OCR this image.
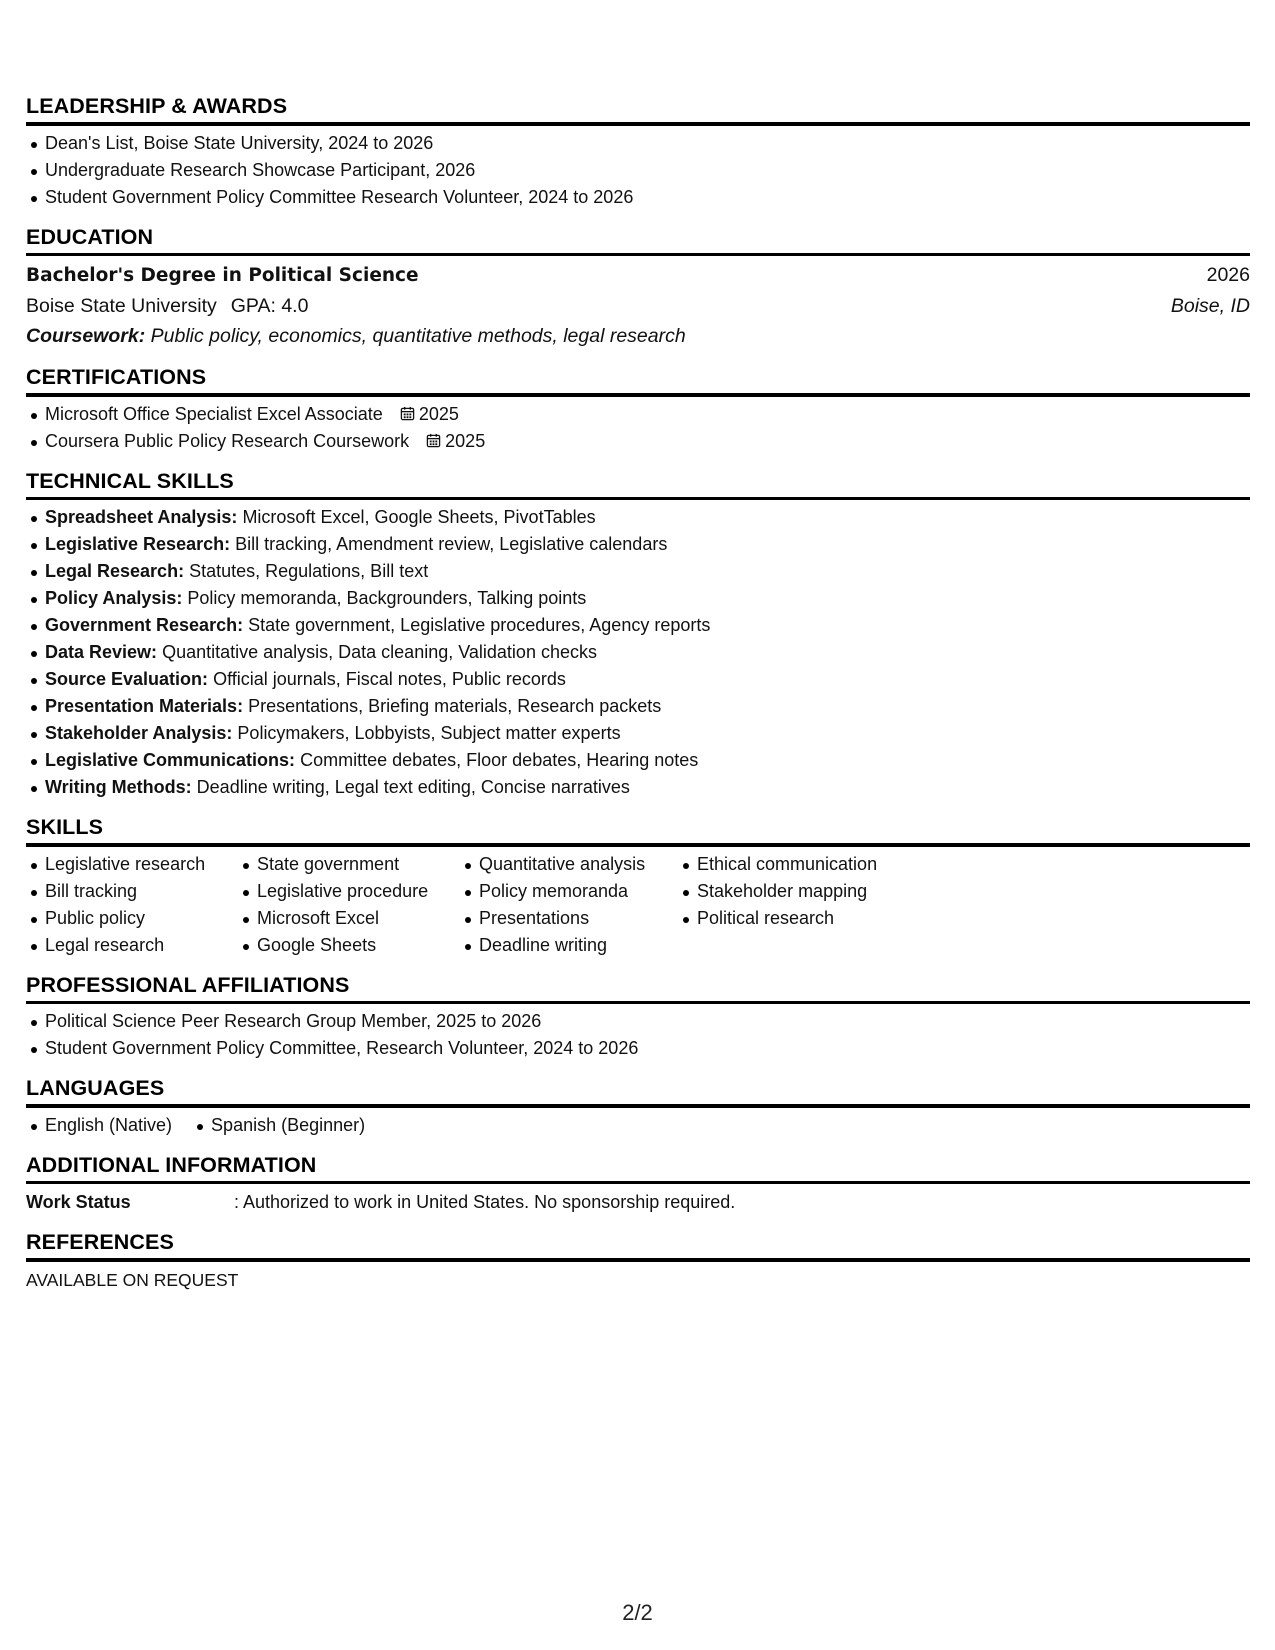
LEADERSHIP & AWARDS
Dean's List, Boise State University, 2024 to 2026
Undergraduate Research Showcase Participant, 2026
Student Government Policy Committee Research Volunteer, 2024 to 2026
EDUCATION
Bachelor's Degree in Political Science	2026
Boise State University GPA: 4.0	Boise, ID
Coursework: Public policy, economics, quantitative methods, legal research
CERTIFICATIONS
Microsoft Office Specialist Excel Associate 2025
Coursera Public Policy Research Coursework 2025
TECHNICAL SKILLS
Spreadsheet Analysis: Microsoft Excel, Google Sheets, PivotTables
Legislative Research: Bill tracking, Amendment review, Legislative calendars
Legal Research: Statutes, Regulations, Bill text
Policy Analysis: Policy memoranda, Backgrounders, Talking points
Government Research: State government, Legislative procedures, Agency reports
Data Review: Quantitative analysis, Data cleaning, Validation checks
Source Evaluation: Official journals, Fiscal notes, Public records
Presentation Materials: Presentations, Briefing materials, Research packets
Stakeholder Analysis: Policymakers, Lobbyists, Subject matter experts
Legislative Communications: Committee debates, Floor debates, Hearing notes
Writing Methods: Deadline writing, Legal text editing, Concise narratives
SKILLS
Legislative research
Bill tracking
Public policy
Legal research
State government
Legislative procedure
Microsoft Excel
Google Sheets
Quantitative analysis
Policy memoranda
Presentations
Deadline writing
Ethical communication
Stakeholder mapping
Political research
PROFESSIONAL AFFILIATIONS
Political Science Peer Research Group Member, 2025 to 2026
Student Government Policy Committee, Research Volunteer, 2024 to 2026
LANGUAGES
English (Native)	Spanish (Beginner)
ADDITIONAL INFORMATION
Work Status	: Authorized to work in United States. No sponsorship required.
REFERENCES
AVAILABLE ON REQUEST
2/2
